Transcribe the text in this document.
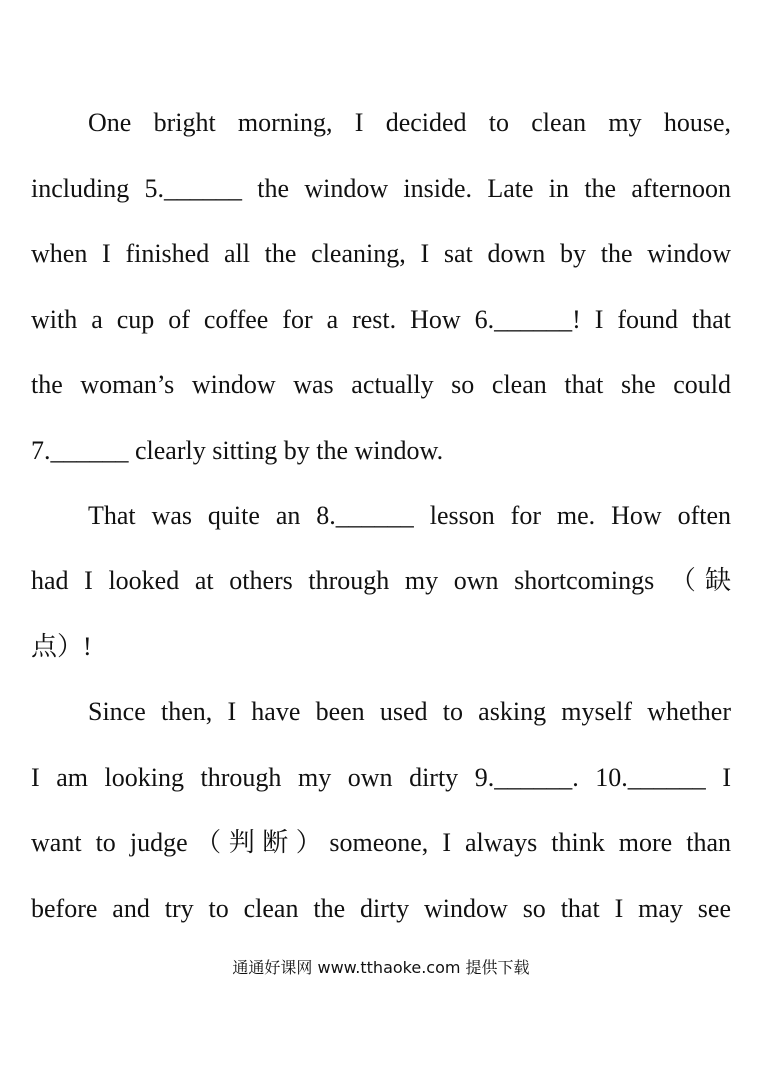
One bright morning, I decided to clean my house,
including 5.______ the window inside. Late in the afternoon
when I finished all the cleaning, I sat down by the window
with a cup of coffee for a rest. How 6.______! I found that
the woman’s window was actually so clean that she could
7.______ clearly sitting by the window.
That was quite an 8.______ lesson for me. How often
had I looked at others through my own shortcomings （缺
点）!
Since then, I have been used to asking myself whether
I am looking through my own dirty 9.______. 10.______ I
want to judge（判断）someone, I always think more than
before and try to clean the dirty window so that I may see
通通好课网 www.tthaoke.com 提供下载
